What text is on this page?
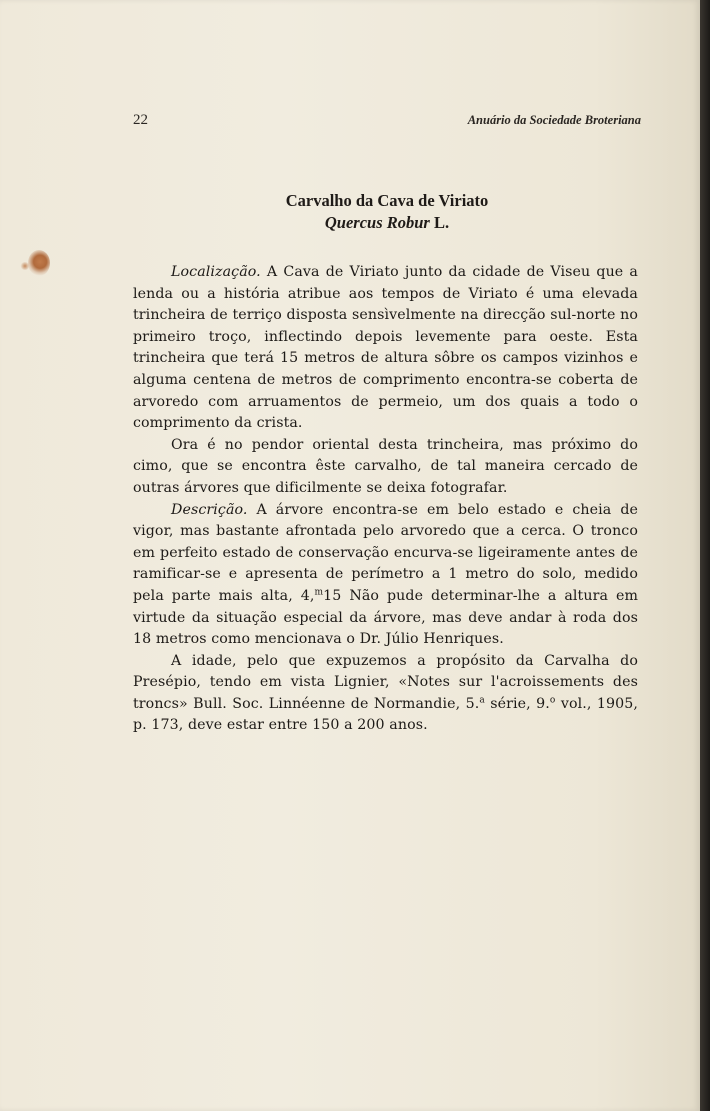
22	Anuário da Sociedade Broteriana
Carvalho da Cava de Viriato
Quercus Robur L.

Localização. A Cava de Viriato junto da cidade de Viseu que a lenda ou a história atribue aos tempos de Viriato é uma elevada trincheira de terriço disposta sensìvelmente na direcção sul-norte no primeiro troço, inflectindo depois levemente para oeste. Esta trincheira que terá 15 metros de altura sôbre os campos vizinhos e alguma centena de metros de comprimento encontra-se coberta de arvoredo com arruamentos de permeio, um dos quais a todo o comprimento da crista.

Ora é no pendor oriental desta trincheira, mas próximo do cimo, que se encontra êste carvalho, de tal maneira cercado de outras árvores que dificilmente se deixa fotografar.

Descrição. A árvore encontra-se em belo estado e cheia de vigor, mas bastante afrontada pelo arvoredo que a cerca. O tronco em perfeito estado de conservação encurva-se ligeiramente antes de ramificar-se e apresenta de perímetro a 1 metro do solo, medido pela parte mais alta, 4,$^m$15 Não pude determinar-lhe a altura em virtude da situação especial da árvore, mas deve andar à roda dos 18 metros como mencionava o Dr. Júlio Henriques.

A idade, pelo que expuzemos a propósito da Carvalha do Presépio, tendo em vista Lignier, «Notes sur l'acroissements des troncs» Bull. Soc. Linnéenne de Normandie, 5.$^a$ série, 9.$^o$ vol., 1905, p. 173, deve estar entre 150 a 200 anos.
